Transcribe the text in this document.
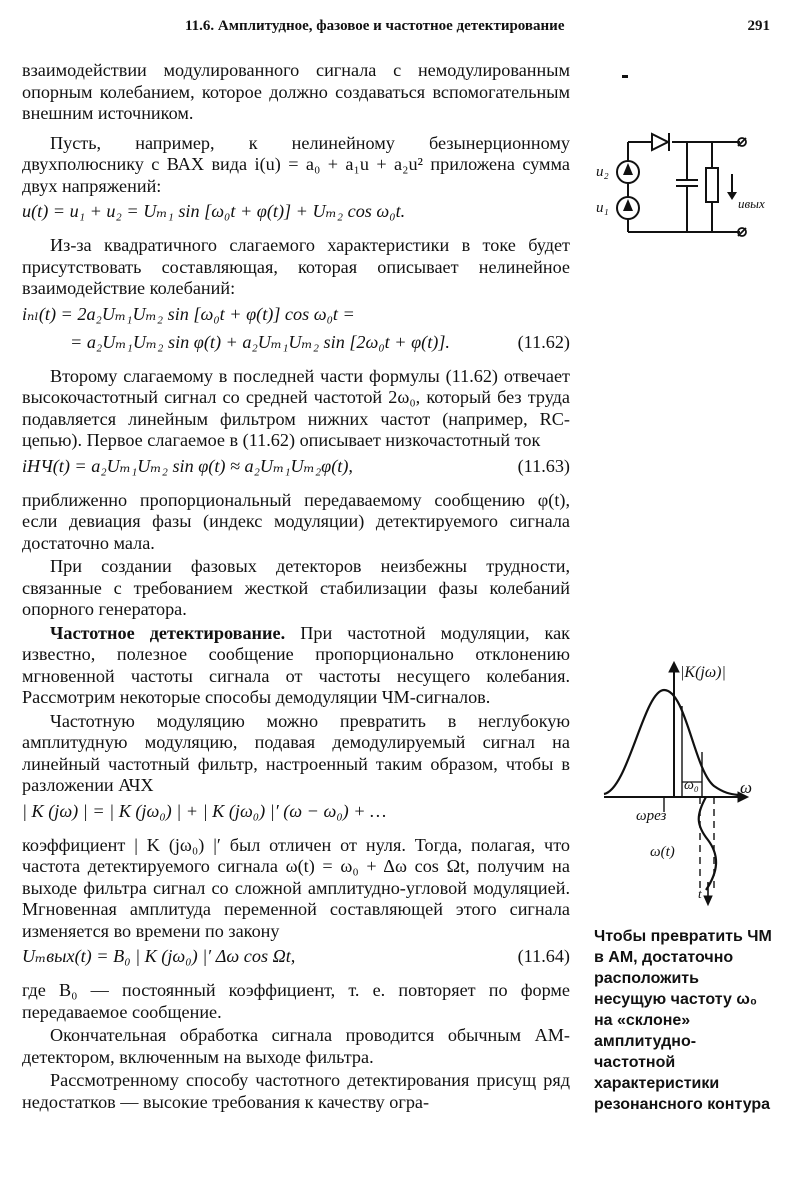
11.6. Амплитудное, фазовое и частотное детектирование	291

взаимодействии модулированного сигнала с немодулированным опорным колебанием, которое должно создаваться вспомогательным внешним источником.

Пусть, например, к нелинейному безынерционному двухполюснику с ВАХ вида i(u) = a₀ + a₁u + a₂u² приложена сумма двух напряжений:

u(t) = u₁ + u₂ = Uₘ₁ sin [ω₀t + φ(t)] + Uₘ₂ cos ω₀t.

Из-за квадратичного слагаемого характеристики в токе будет присутствовать составляющая, которая описывает нелинейное взаимодействие колебаний:

iₙₗ(t) = 2a₂Uₘ₁Uₘ₂ sin [ω₀t + φ(t)] cos ω₀t =
= a₂Uₘ₁Uₘ₂ sin φ(t) + a₂Uₘ₁Uₘ₂ sin [2ω₀t + φ(t)].	(11.62)

Второму слагаемому в последней части формулы (11.62) отвечает высокочастотный сигнал со средней частотой 2ω₀, который без труда подавляется линейным фильтром нижних частот (например, RC-цепью). Первое слагаемое в (11.62) описывает низкочастотный ток

iНЧ(t) = a₂Uₘ₁Uₘ₂ sin φ(t) ≈ a₂Uₘ₁Uₘ₂φ(t),	(11.63)

приближенно пропорциональный передаваемому сообщению φ(t), если девиация фазы (индекс модуляции) детектируемого сигнала достаточно мала.

При создании фазовых детекторов неизбежны трудности, связанные с требованием жесткой стабилизации фазы колебаний опорного генератора.

Частотное детектирование. При частотной модуляции, как известно, полезное сообщение пропорционально отклонению мгновенной частоты сигнала от частоты несущего колебания. Рассмотрим некоторые способы демодуляции ЧМ-сигналов.

Частотную модуляцию можно превратить в неглубокую амплитудную модуляцию, подавая демодулируемый сигнал на линейный частотный фильтр, настроенный таким образом, чтобы в разложении АЧХ

| K (jω) | = | K (jω₀) | + | K (jω₀) |′ (ω − ω₀) + …

коэффициент | K (jω₀) |′ был отличен от нуля. Тогда, полагая, что частота детектируемого сигнала ω(t) = ω₀ + Δω cos Ωt, получим на выходе фильтра сигнал со сложной амплитудно-угловой модуляцией. Мгновенная амплитуда переменной составляющей этого сигнала изменяется во времени по закону

Uₘвых(t) = B₀ | K (jω₀) |′ Δω cos Ωt,	(11.64)

где B₀ — постоянный коэффициент, т. е. повторяет по форме передаваемое сообщение.

Окончательная обработка сигнала проводится обычным АМ-детектором, включенным на выходе фильтра.

Рассмотренному способу частотного детектирования присущ ряд недостатков — высокие требования к качеству огра-

u₂
u₁	uвых
|K(jω)|
ω₀ ω
ωрез
ω(t)
t

Чтобы превратить ЧМ в АМ, достаточно расположить несущую частоту ω₀ на «склоне» амплитудно-частотной характеристики резонансного контура
